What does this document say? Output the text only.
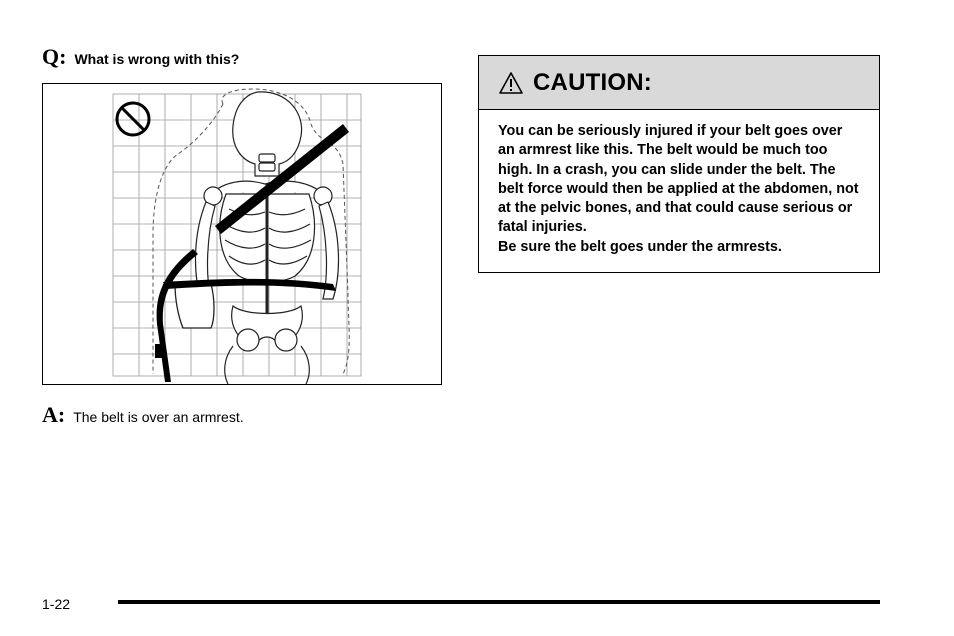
Q: What is wrong with this?
A: The belt is over an armrest.
CAUTION:

You can be seriously injured if your belt goes over an armrest like this. The belt would be much too high. In a crash, you can slide under the belt. The belt force would then be applied at the abdomen, not at the pelvic bones, and that could cause serious or fatal injuries.

Be sure the belt goes under the armrests.

1-22
